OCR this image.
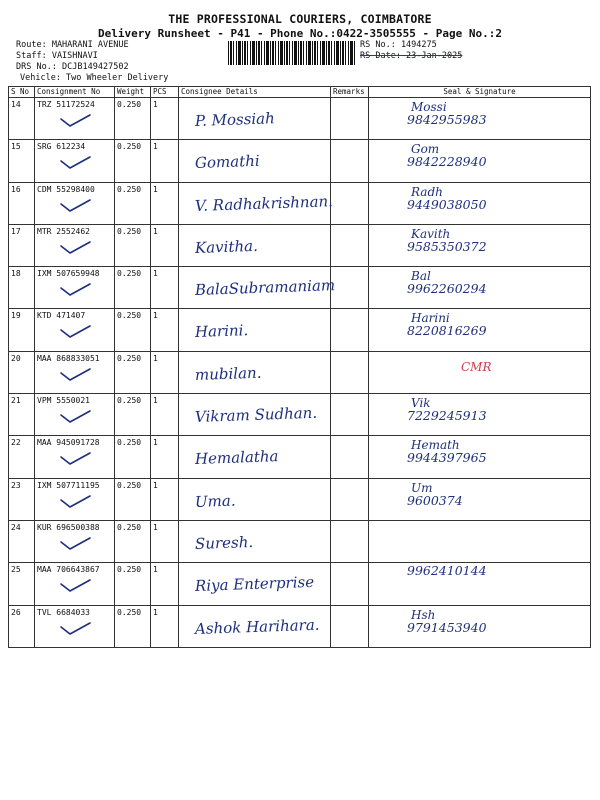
THE PROFESSIONAL COURIERS, COIMBATORE
Delivery Runsheet - P41 - Phone No.:0422-3505555 - Page No.:2
Route: MAHARANI AVENUE
Staff: VAISHNAVI
DRS No.: DCJB149427502
Vehicle: Two Wheeler Delivery
RS No.: 1494275
RS Date: 23-Jan-2025
S No	Consignment No	Weight	PCS	Consignee Details	Remarks	Seal & Signature
14	TRZ 51172524	0.250	1	P. Mossiah		Mossi
9842955983

15	SRG 612234	0.250	1	Gomathi		Gom
9842228940

16	CDM 55298400	0.250	1	V. Radhakrishnan.		Radh
9449038050

17	MTR 2552462	0.250	1	Kavitha.		Kavith
9585350372

18	IXM 507659948	0.250	1	BalaSubramaniam		Bal
9962260294

19	KTD 471407	0.250	1	Harini.		Harini
8220816269

20	MAA 868833051	0.250	1	mubilan.		CMR

21	VPM 5550021	0.250	1	Vikram Sudhan.		Vik
7229245913

22	MAA 945091728	0.250	1	Hemalatha		Hemath
9944397965

23	IXM 507711195	0.250	1	Uma.		Um
9600374

24	KUR 696500388	0.250	1	Suresh.		

25	MAA 706643867	0.250	1	Riya Enterprise		9962410144

26	TVL 6684033	0.250	1	Ashok Harihara.		Hsh
9791453940
